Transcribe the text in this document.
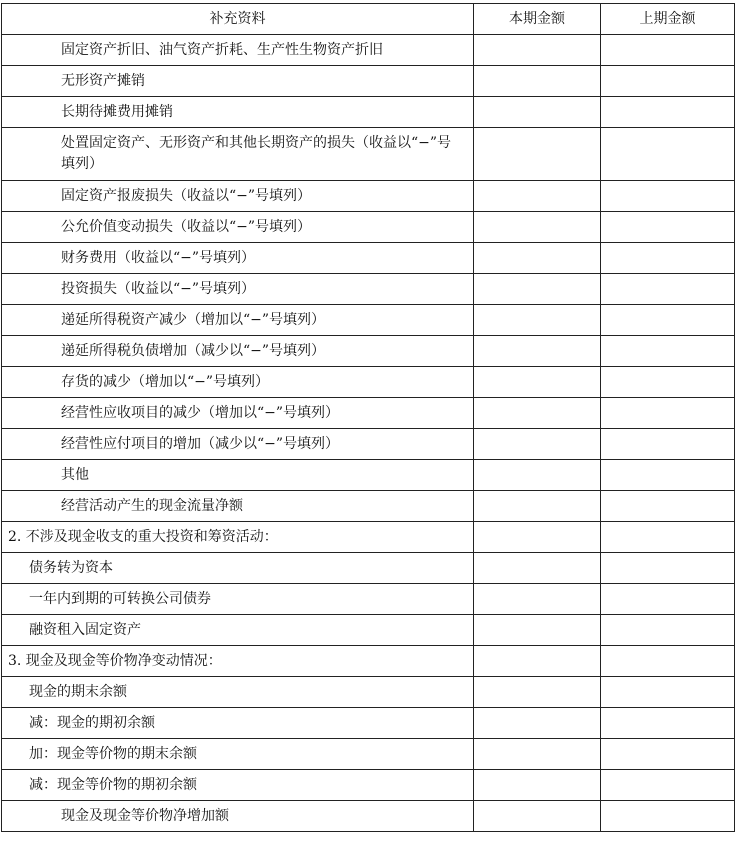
补充资料	本期金额	上期金额
固定资产折旧、油气资产折耗、生产性生物资产折旧		
无形资产摊销		
长期待摊费用摊销		
处置固定资产、无形资产和其他长期资产的损失（收益以“−”号填列）		
固定资产报废损失（收益以“−”号填列）		
公允价值变动损失（收益以“−”号填列）		
财务费用（收益以“−”号填列）		
投资损失（收益以“−”号填列）		
递延所得税资产减少（增加以“−”号填列）		
递延所得税负债增加（减少以“−”号填列）		
存货的减少（增加以“−”号填列）		
经营性应收项目的减少（增加以“−”号填列）		
经营性应付项目的增加（减少以“−”号填列）		
其他		
经营活动产生的现金流量净额		
2. 不涉及现金收支的重大投资和筹资活动：		
债务转为资本		
一年内到期的可转换公司债券		
融资租入固定资产		
3. 现金及现金等价物净变动情况：		
现金的期末余额		
减：现金的期初余额		
加：现金等价物的期末余额		
减：现金等价物的期初余额		
现金及现金等价物净增加额		
